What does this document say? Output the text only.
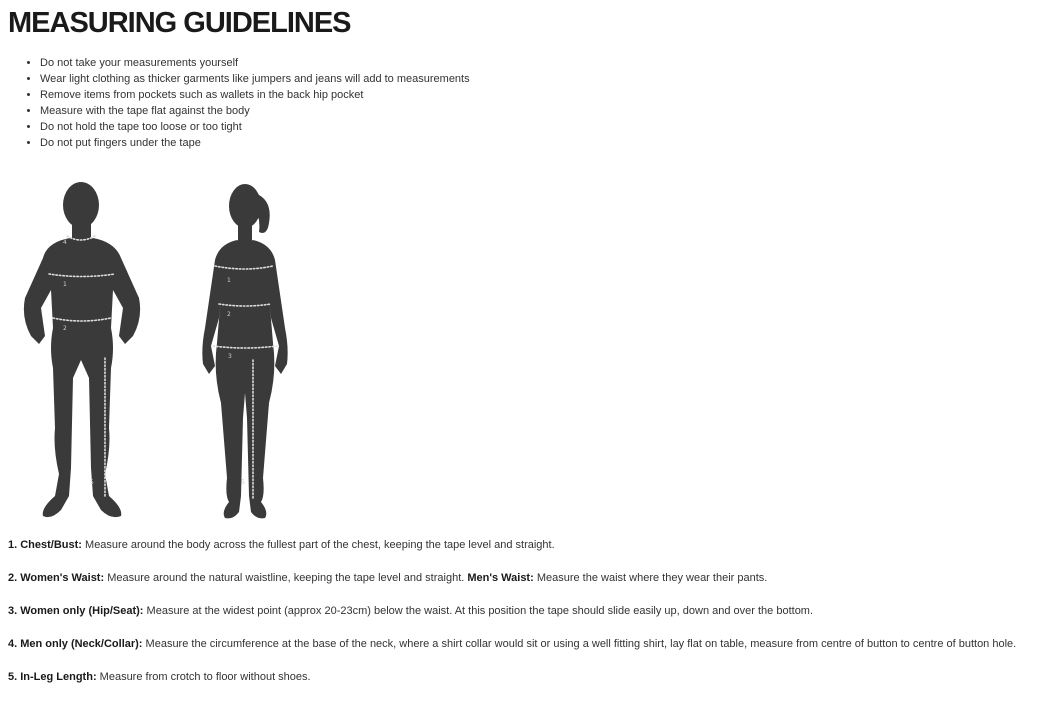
MEASURING GUIDELINES
• Do not take your measurements yourself
• Wear light clothing as thicker garments like jumpers and jeans will add to measurements
• Remove items from pockets such as wallets in the back hip pocket
• Measure with the tape flat against the body
• Do not hold the tape too loose or too tight
• Do not put fingers under the tape
4
1
2
5
1
2
3
5

1. Chest/Bust: Measure around the body across the fullest part of the chest, keeping the tape level and straight.

2. Women's Waist: Measure around the natural waistline, keeping the tape level and straight. Men's Waist: Measure the waist where they wear their pants.

3. Women only (Hip/Seat): Measure at the widest point (approx 20-23cm) below the waist. At this position the tape should slide easily up, down and over the bottom.

4. Men only (Neck/Collar): Measure the circumference at the base of the neck, where a shirt collar would sit or using a well fitting shirt, lay flat on table, measure from centre of button to centre of button hole.

5. In-Leg Length: Measure from crotch to floor without shoes.
